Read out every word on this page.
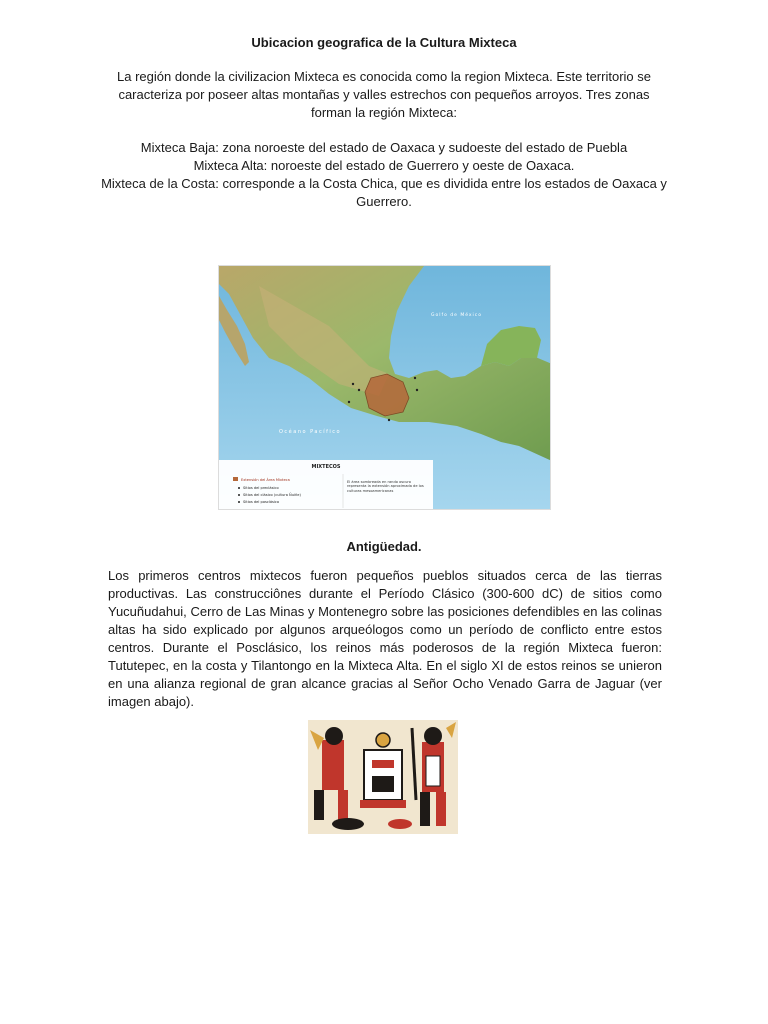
Ubicacion geografica de la Cultura Mixteca

La región donde la civilizacion Mixteca es conocida como la region Mixteca. Este territorio se caracteriza por poseer altas montañas y valles estrechos con pequeños arroyos. Tres zonas forman la región Mixteca:

Mixteca Baja: zona noroeste del estado de Oaxaca y sudoeste del estado de Puebla
Mixteca Alta: noroeste del estado de Guerrero y oeste de Oaxaca.
Mixteca de la Costa: corresponde a la Costa Chica, que es dividida entre los estados de Oaxaca y Guerrero.
Golfo de México
Océano Pacífico
MIXTECOS
Extensión del Área Mixteca
Sitios del preclásico
Sitios del clásico (cultura Ñuiñe)
Sitios del posclásico
El área sombreada en rando oscuro representa la extensión aproximada de los culturas mesoamericanas
Antigüedad.

Los primeros centros mixtecos fueron pequeños pueblos situados cerca de las tierras productivas. Las construcciônes durante el Período Clásico (300-600 dC) de sitios como Yucuñudahui, Cerro de Las Minas y Montenegro sobre las posiciones defendibles en las colinas altas ha sido explicado por algunos arqueólogos como un período de conflicto entre estos centros. Durante el Posclásico, los reinos más poderosos de la región Mixteca fueron: Tututepec, en la costa y Tilantongo en la Mixteca Alta. En el siglo XI de estos reinos se unieron en una alianza regional de gran alcance gracias al Señor Ocho Venado Garra de Jaguar (ver imagen abajo).
